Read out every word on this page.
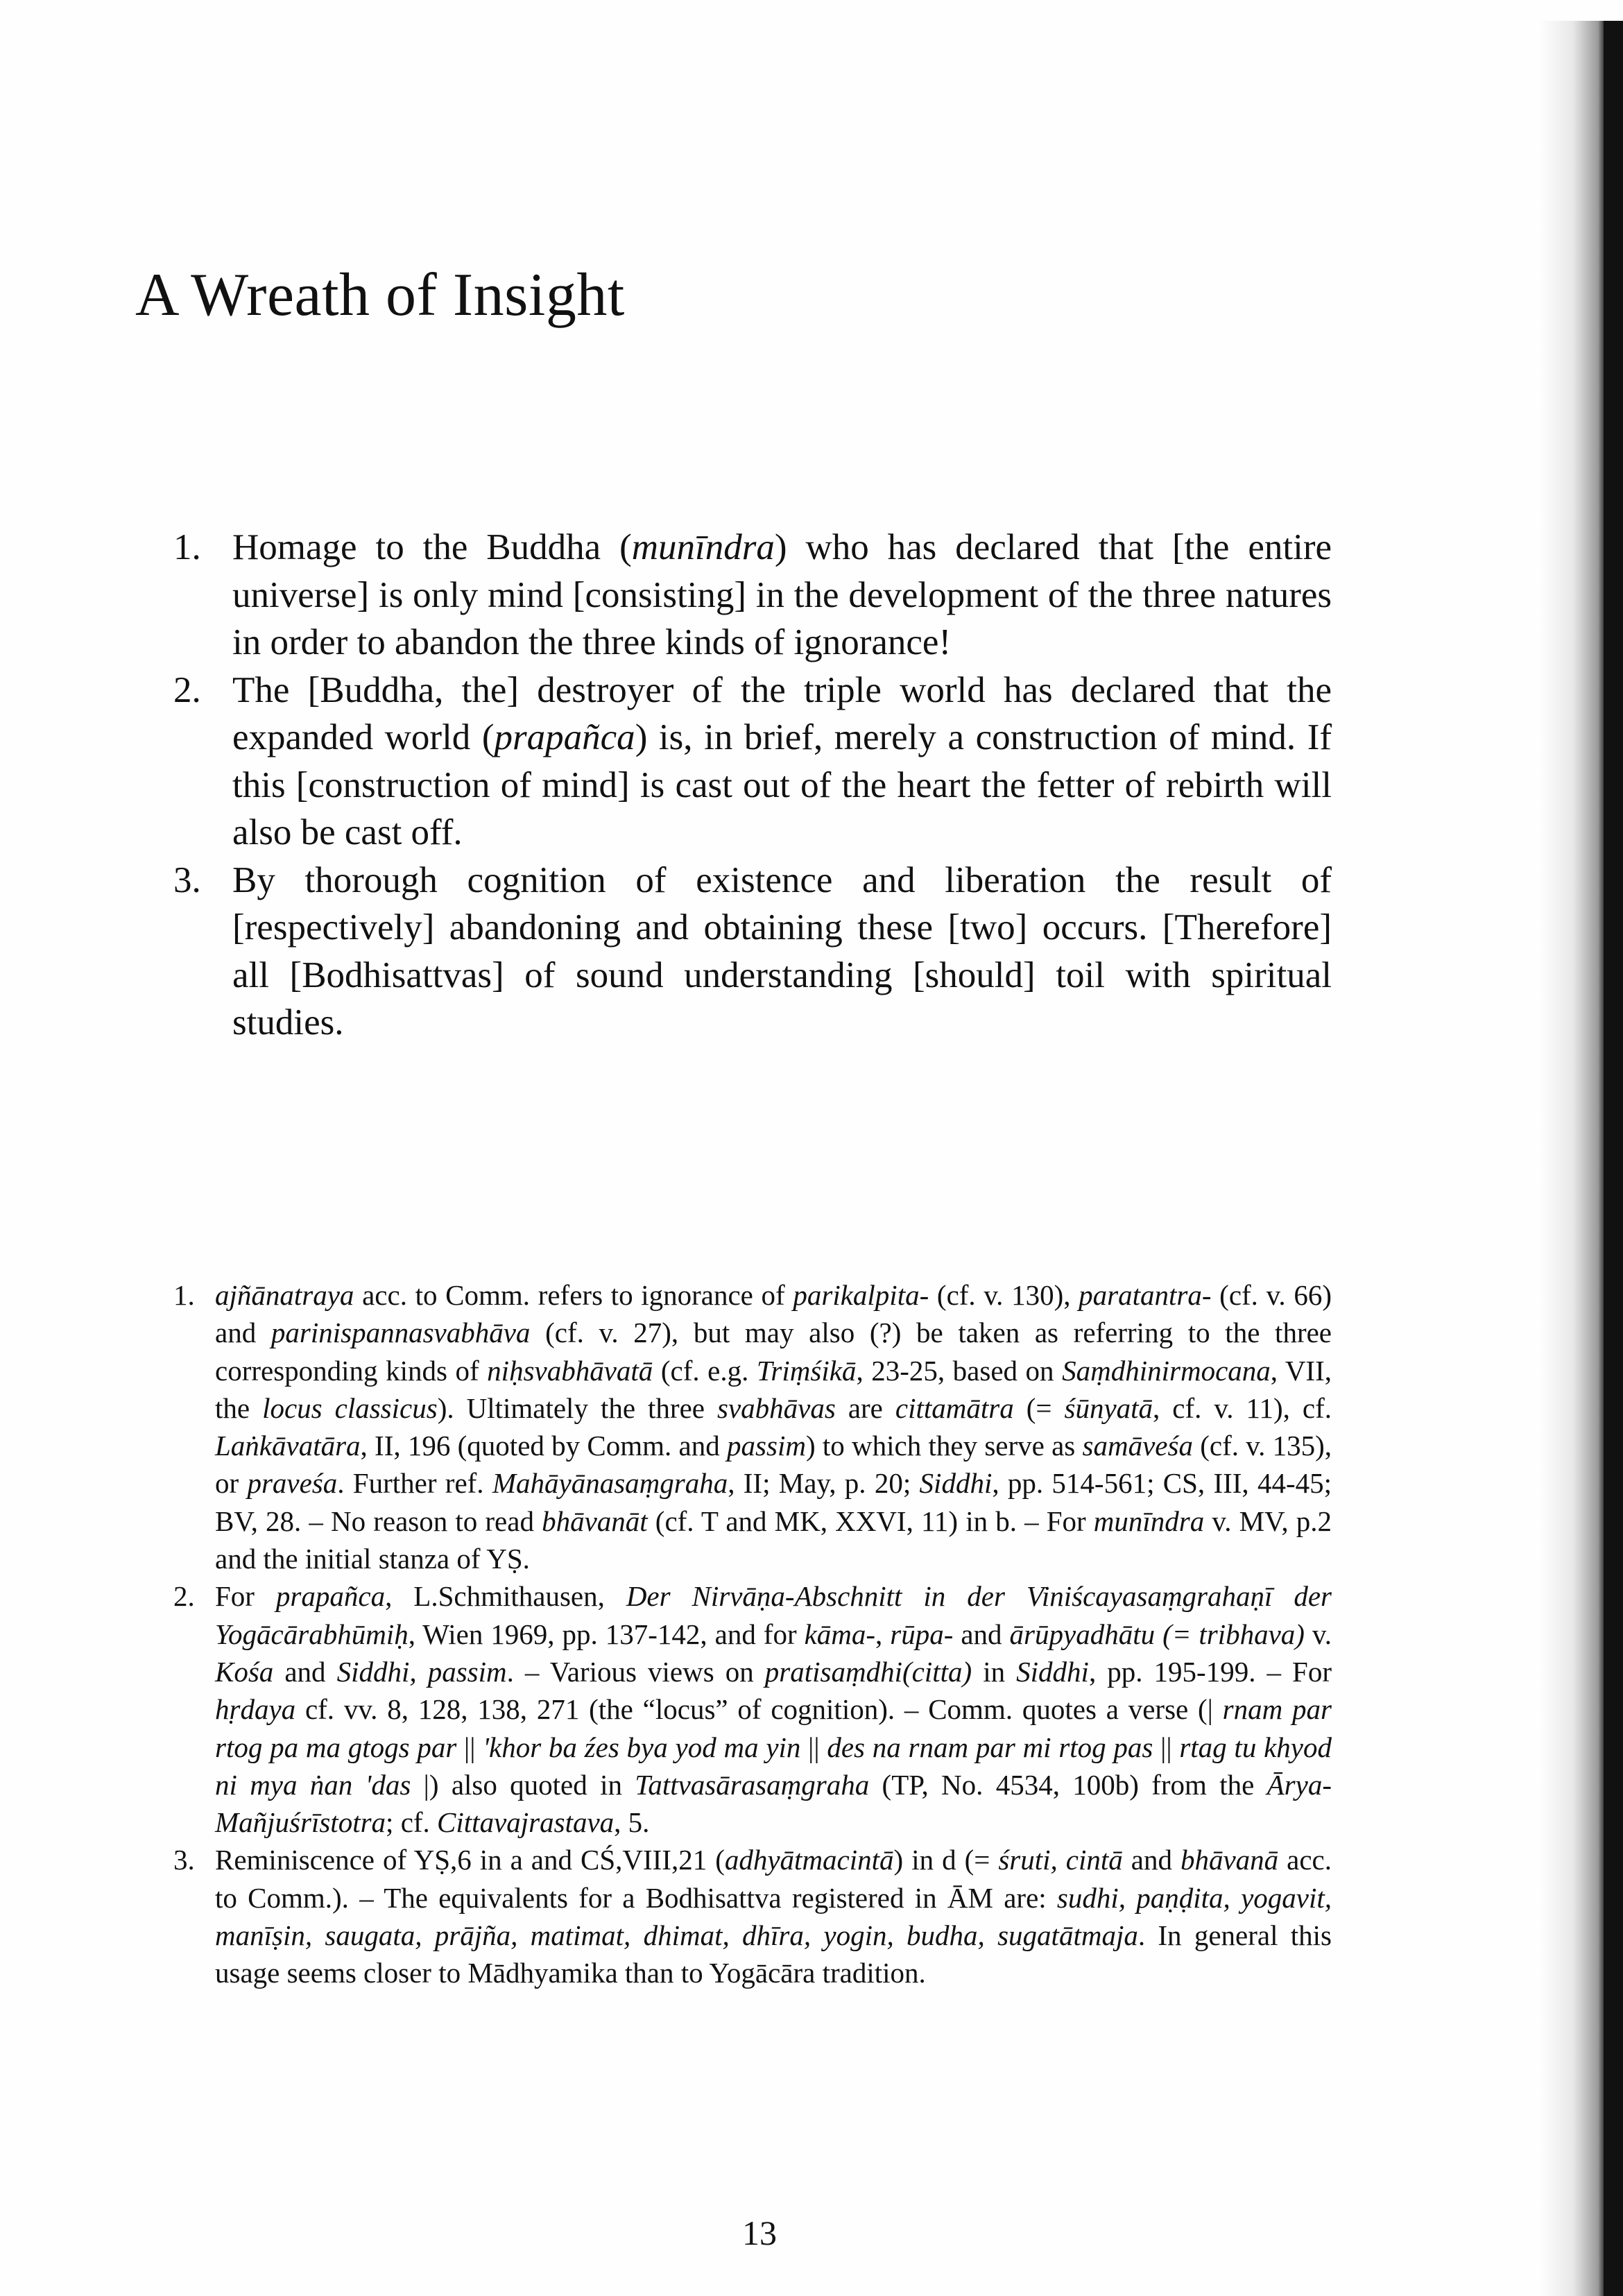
A Wreath of Insight
1. Homage to the Buddha (munīndra) who has declared that [the entire universe] is only mind [consisting] in the development of the three natures in order to abandon the three kinds of ignorance!
2. The [Buddha, the] destroyer of the triple world has declared that the expanded world (prapañca) is, in brief, merely a construction of mind. If this [construction of mind] is cast out of the heart the fetter of rebirth will also be cast off.
3. By thorough cognition of existence and liberation the result of [respectively] abandoning and obtaining these [two] occurs. [Therefore] all [Bodhisattvas] of sound understanding [should] toil with spiritual studies.
1. ajñānatraya acc. to Comm. refers to ignorance of parikalpita- (cf. v. 130), paratantra- (cf. v. 66) and parinispannasvabhāva (cf. v. 27), but may also (?) be taken as referring to the three corresponding kinds of niḥsvabhāvatā (cf. e.g. Triṃśikā, 23-25, based on Saṃdhinirmocana, VII, the locus classicus). Ultimately the three svabhāvas are cittamātra (= śūnyatā, cf. v. 11), cf. Laṅkāvatāra, II, 196 (quoted by Comm. and passim) to which they serve as samāveśa (cf. v. 135), or praveśa. Further ref. Mahāyānasaṃgraha, II; May, p. 20; Siddhi, pp. 514-561; CS, III, 44-45; BV, 28. – No reason to read bhāvanāt (cf. T and MK, XXVI, 11) in b. – For munīndra v. MV, p.2 and the initial stanza of YṢ.
2. For prapañca, L.Schmithausen, Der Nirvāṇa-Abschnitt in der Viniścayasaṃgrahaṇī der Yogācārabhūmiḥ, Wien 1969, pp. 137-142, and for kāma-, rūpa- and ārūpyadhātu (= tribhava) v. Kośa and Siddhi, passim. – Various views on pratisaṃdhi(citta) in Siddhi, pp. 195-199. – For hṛdaya cf. vv. 8, 128, 138, 271 (the “locus” of cognition). – Comm. quotes a verse (| rnam par rtog pa ma gtogs par || 'khor ba źes bya yod ma yin || des na rnam par mi rtog pas || rtag tu khyod ni mya ṅan 'das |) also quoted in Tattvasārasaṃgraha (TP, No. 4534, 100b) from the Ārya-Mañjuśrīstotra; cf. Cittavajrastava, 5.
3. Reminiscence of YṢ,6 in a and CŚ,VIII,21 (adhyātmacintā) in d (= śruti, cintā and bhāvanā acc. to Comm.). – The equivalents for a Bodhisattva registered in ĀM are: sudhi, paṇḍita, yogavit, manīṣin, saugata, prājña, matimat, dhimat, dhīra, yogin, budha, sugatātmaja. In general this usage seems closer to Mādhyamika than to Yogācāra tradition.
13
